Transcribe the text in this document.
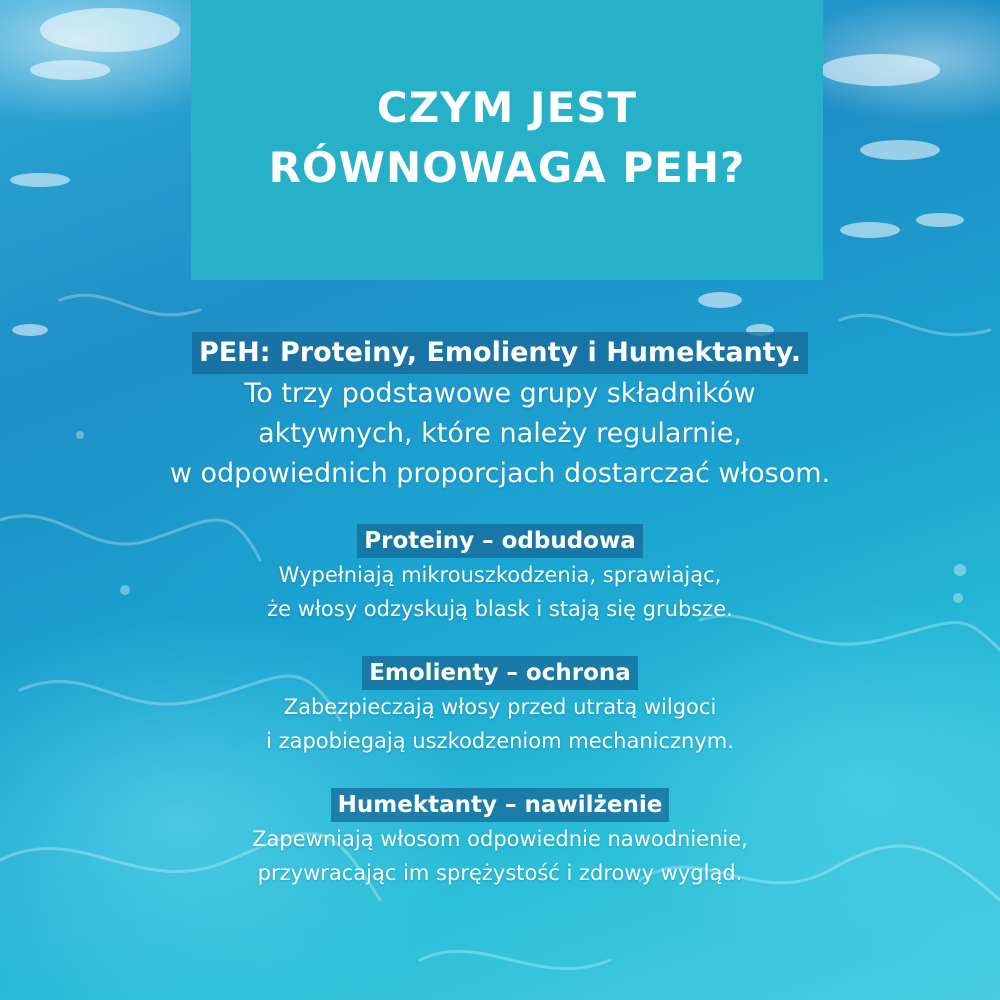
CZYM JEST
RÓWNOWAGA PEH?
PEH: Proteiny, Emolienty i Humektanty.

To trzy podstawowe grupy składników
aktywnych, które należy regularnie,
w odpowiednich proporcjach dostarczać włosom.

Proteiny – odbudowa

Wypełniają mikrouszkodzenia, sprawiając,
że włosy odzyskują blask i stają się grubsze.

Emolienty – ochrona

Zabezpieczają włosy przed utratą wilgoci
i zapobiegają uszkodzeniom mechanicznym.

Humektanty – nawilżenie

Zapewniają włosom odpowiednie nawodnienie,
przywracając im sprężystość i zdrowy wygląd.
